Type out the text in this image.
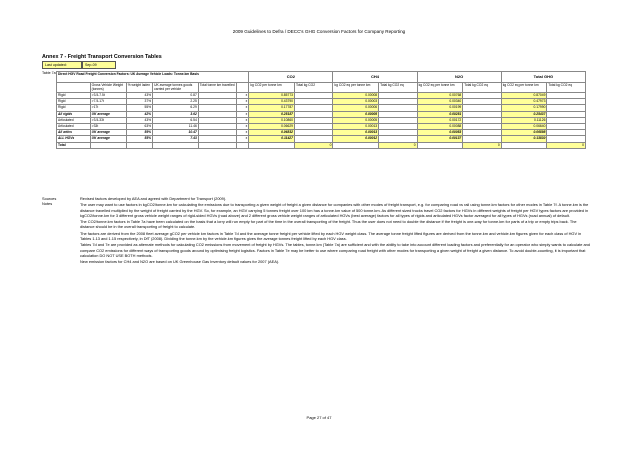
2009 Guidelines to Defra / DECC's GHG Conversion Factors for Company Reporting
Annex 7 - Freight Transport Conversion Tables
Last updated:	Sep-09
Table 7a Direct HGV Road Freight Conversion Factors: UK Average Vehicle Loads: Tonne.km Basis						CO2		CH4		N2O		Total GHG	
	Gross Vehicle Weight (tonnes)	% weight laden	UK average tonnes goods carried per vehicle	Total tonne km travelled		kg CO2 per tonne km	Total kg CO2	kg CO2 eq per tonne km	Total kg CO2 eq	kg CO2 eq per tonne km	Total kg CO2 eq	kg CO2 eq per tonne km	Total kg CO2 eq
Rigid	>3.5-7.5t	43%	0.87		x	0.85773		0.00008		0.00768		0.87049	
Rigid	>7.5-17t	37%	2.25		x	0.43790		0.00003		0.00340		0.47973	
Rigid	>17t	55%	6.29		x	0.17787		0.00006		0.00199		0.17990	
All rigids	UK average	42%	3.62		x	0.25187		0.00005		0.00251		0.25437	
Articulated	>3.5-33t	43%	6.54		x	0.10860		0.00005		0.00172		0.11126	
Articulated	>33t	63%	11.46		x	0.06629		0.00013		0.00088		0.06640	
All artics	UK average	59%	10.47		x	0.06832		0.00013		0.00053		0.06898	
ALL HGVs	UK average	55%	7.43		x	0.11427		0.00012		0.00137		0.13830	
Total							0		0		0		0
Sources
Notes

Revised factors developed by AEA and agreed with Department for Transport (2009).

The user may want to use factors in kgCO2/tonne.km for calculating the emissions due to transporting a given weight of freight a given distance for companies with other modes of freight transport, e.g. for comparing road vs rail using tonne.km factors for other modes in Table 7f. A tonne.km is the distance travelled multiplied by the weight of freight carried by the HGV. So, for example, an HGV carrying 5 tonnes freight over 100 km has a tonne.km value of 500 tonne.km. As different sized trucks travel CO2 factors for HGVs in different weights of freight per HGV types factors are provided in kgCO2/tonne.km for 3 different gross vehicle weight ranges of rigid-sided HGVs (road above) and 2 different gross vehicle weight ranges of articulated HGVs (best average) factors for all types of rigids and articulated HGVs factor averaged for all types of HGVs (road annual) of default.

The CO2/tonne.km factors in Table 7a have been calculated on the basis that a lorry will run empty for part of the time in the overall transporting of the freight. Thus the user does not need to double the distance if the freight is one-way for tonne.km for parts of a trip or empty trips back. The distance should be in the overall transporting of freight to calculate.

The factors are derived from the 2008 fleet average gCO2 per vehicle km factors in Table 7d and the average tonne freight per vehicle lifted by each HGV weight class. The average tonne freight lifted figures are derived from the tonne.km and vehicle.km figures given for each class of HGV in Tables 1.13 and 1.15 respectively, in DfT (2008). Dividing the tonne.km by the vehicle.km figures gives the average tonnes freight lifted by each HGV class.

Tables 7d and 7e are provided as alternate methods for calculating CO2 emissions from movement of freight by HGVs. The tables, tonne.km (Table 7a) are sufficient and with the ability to take into account different loading factors and preferentially for an operator who simply wants to calculate and compare CO2 emissions for different ways of transporting goods around by optimising freight logistics. Factors in Table 7e may be better to use where comparing road freight with other modes for transporting a given weight of freight a given distance. To avoid double-counting, it is important that calculation DO NOT USE BOTH methods.

New emission factors for CH4 and N2O are based on UK Greenhouse Gas Inventory default values for 2007 (AEA).

Page 27 of 47
